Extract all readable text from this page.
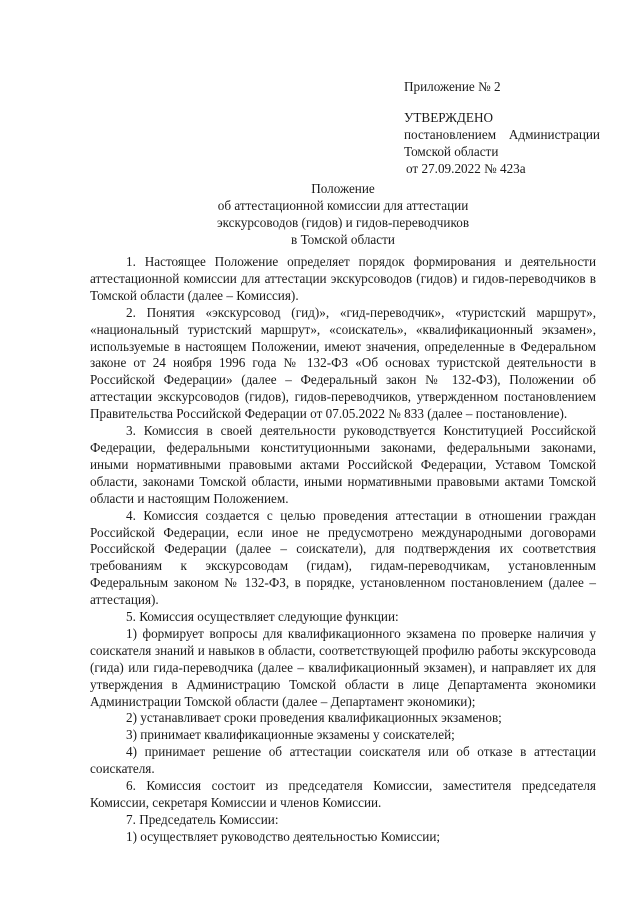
Приложение № 2
УТВЕРЖДЕНО
постановлением Администрации
Томской области
от 27.09.2022 № 423а
Положение
об аттестационной комиссии для аттестации
экскурсоводов (гидов) и гидов-переводчиков
в Томской области

1. Настоящее Положение определяет порядок формирования и деятельности аттестационной комиссии для аттестации экскурсоводов (гидов) и гидов-переводчиков в Томской области (далее – Комиссия).

2. Понятия «экскурсовод (гид)», «гид-переводчик», «туристский маршрут», «национальный туристский маршрут», «соискатель», «квалификационный экзамен», используемые в настоящем Положении, имеют значения, определенные в Федеральном законе от 24 ноября 1996 года № 132-ФЗ «Об основах туристской деятельности в Российской Федерации» (далее – Федеральный закон № 132-ФЗ), Положении об аттестации экскурсоводов (гидов), гидов-переводчиков, утвержденном постановлением Правительства Российской Федерации от 07.05.2022 № 833 (далее – постановление).

3. Комиссия в своей деятельности руководствуется Конституцией Российской Федерации, федеральными конституционными законами, федеральными законами, иными нормативными правовыми актами Российской Федерации, Уставом Томской области, законами Томской области, иными нормативными правовыми актами Томской области и настоящим Положением.

4. Комиссия создается с целью проведения аттестации в отношении граждан Российской Федерации, если иное не предусмотрено международными договорами Российской Федерации (далее – соискатели), для подтверждения их соответствия требованиям к экскурсоводам (гидам), гидам-переводчикам, установленным Федеральным законом № 132-ФЗ, в порядке, установленном постановлением (далее – аттестация).

5. Комиссия осуществляет следующие функции:

1) формирует вопросы для квалификационного экзамена по проверке наличия у соискателя знаний и навыков в области, соответствующей профилю работы экскурсовода (гида) или гида-переводчика (далее – квалификационный экзамен), и направляет их для утверждения в Администрацию Томской области в лице Департамента экономики Администрации Томской области (далее – Департамент экономики);

2) устанавливает сроки проведения квалификационных экзаменов;

3) принимает квалификационные экзамены у соискателей;

4) принимает решение об аттестации соискателя или об отказе в аттестации соискателя.

6. Комиссия состоит из председателя Комиссии, заместителя председателя Комиссии, секретаря Комиссии и членов Комиссии.

7. Председатель Комиссии:

1) осуществляет руководство деятельностью Комиссии;
